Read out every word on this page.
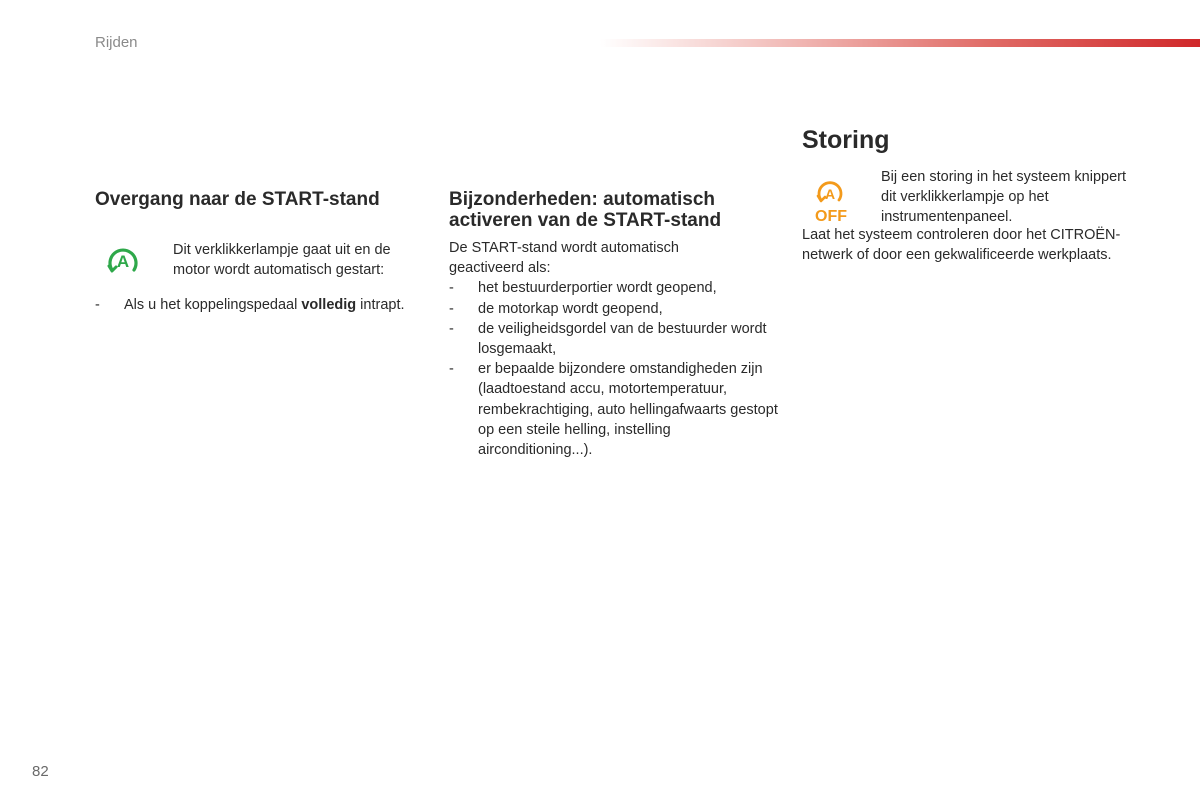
Rijden
Overgang naar de START-stand
A
Dit verklikkerlampje gaat uit en de motor wordt automatisch gestart:
- Als u het koppelingspedaal volledig intrapt.
Bijzonderheden: automatisch
activeren van de START-stand
De START-stand wordt automatisch geactiveerd als:
- het bestuurderportier wordt geopend,
- de motorkap wordt geopend,
- de veiligheidsgordel van de bestuurder wordt losgemaakt,
- er bepaalde bijzondere omstandigheden zijn (laadtoestand accu, motortemperatuur, rembekrachtiging, auto hellingafwaarts gestopt op een steile helling, instelling airconditioning...).
Storing
A
OFF
Bij een storing in het systeem knippert dit verklikkerlampje op het instrumentenpaneel.
Laat het systeem controleren door het CITROËN-netwerk of door een gekwalificeerde werkplaats.
82
